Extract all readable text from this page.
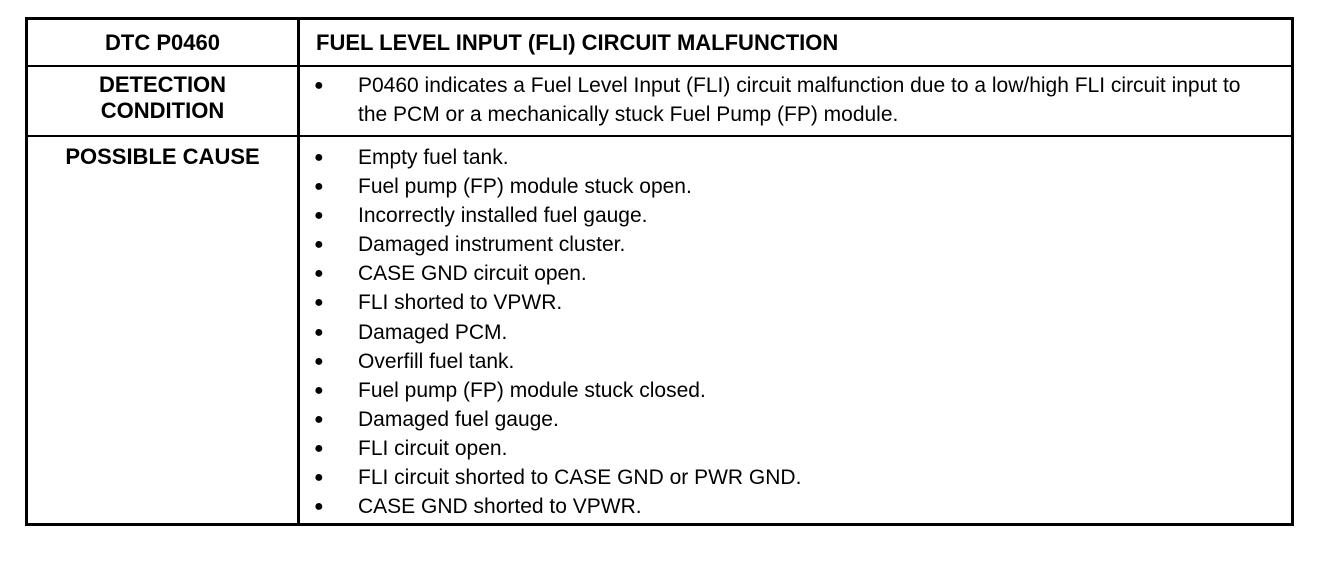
DTC P0460	FUEL LEVEL INPUT (FLI) CIRCUIT MALFUNCTION
DETECTION
CONDITION
● P0460 indicates a Fuel Level Input (FLI) circuit malfunction due to a low/high FLI circuit input to the PCM or a mechanically stuck Fuel Pump (FP) module.
POSSIBLE CAUSE	● Empty fuel tank.
● Fuel pump (FP) module stuck open.
● Incorrectly installed fuel gauge.
● Damaged instrument cluster.
● CASE GND circuit open.
● FLI shorted to VPWR.
● Damaged PCM.
● Overfill fuel tank.
● Fuel pump (FP) module stuck closed.
● Damaged fuel gauge.
● FLI circuit open.
● FLI circuit shorted to CASE GND or PWR GND.
● CASE GND shorted to VPWR.
